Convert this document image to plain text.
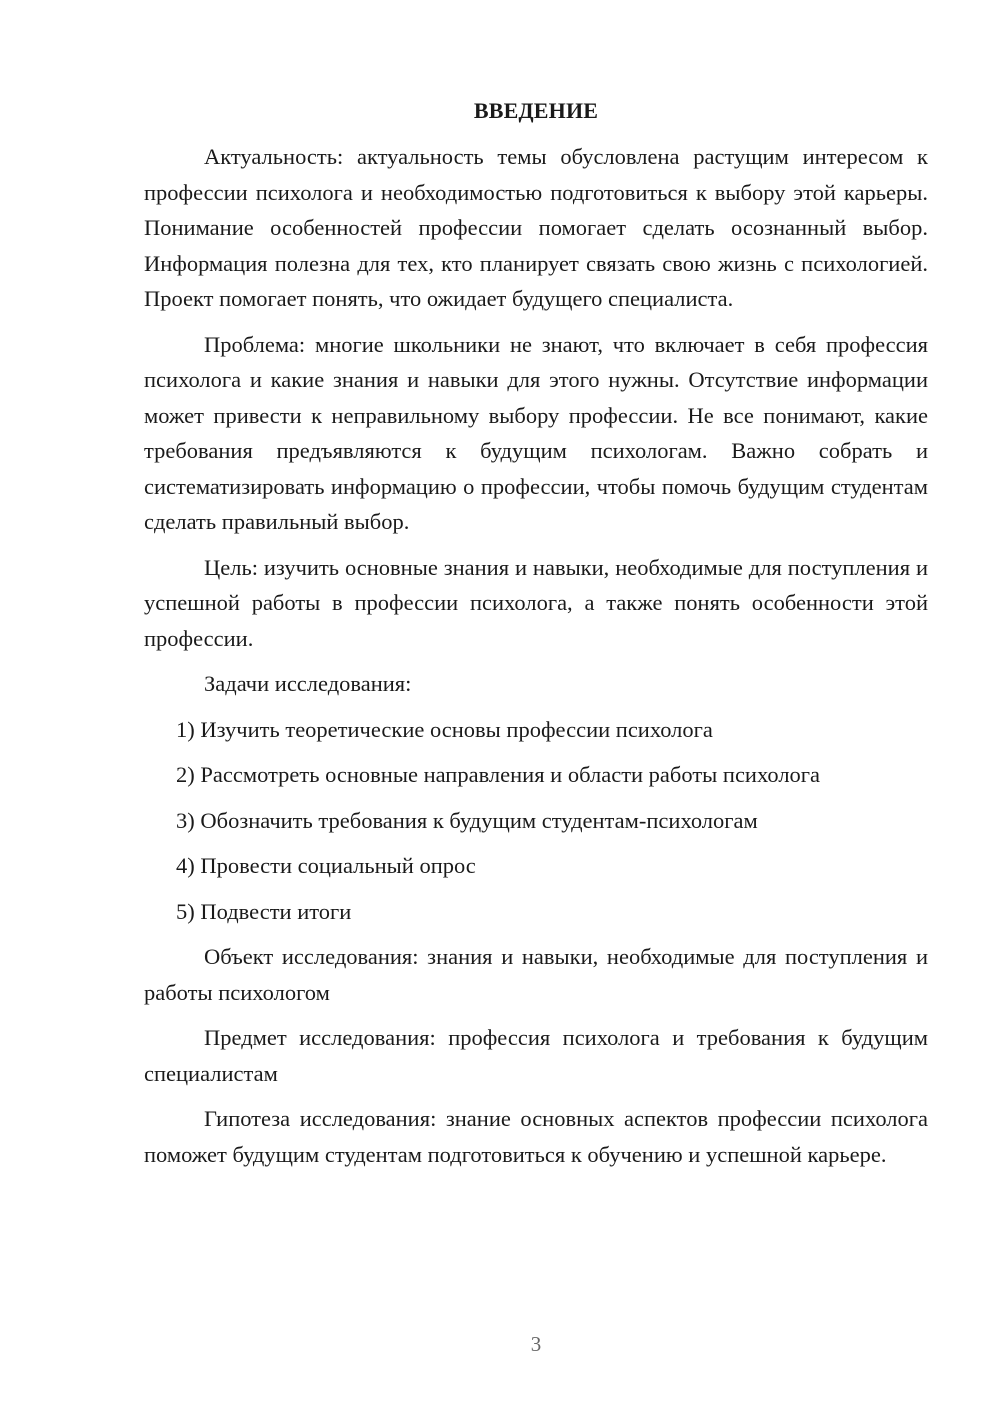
ВВЕДЕНИЕ

Актуальность: актуальность темы обусловлена растущим интересом к профессии психолога и необходимостью подготовиться к выбору этой карьеры. Понимание особенностей профессии помогает сделать осознанный выбор. Информация полезна для тех, кто планирует связать свою жизнь с психологией. Проект помогает понять, что ожидает будущего специалиста.

Проблема: многие школьники не знают, что включает в себя профессия психолога и какие знания и навыки для этого нужны. Отсутствие информации может привести к неправильному выбору профессии. Не все понимают, какие требования предъявляются к будущим психологам. Важно собрать и систематизировать информацию о профессии, чтобы помочь будущим студентам сделать правильный выбор.

Цель: изучить основные знания и навыки, необходимые для поступления и успешной работы в профессии психолога, а также понять особенности этой профессии.

Задачи исследования:

1) Изучить теоретические основы профессии психолога

2) Рассмотреть основные направления и области работы психолога

3) Обозначить требования к будущим студентам-психологам

4) Провести социальный опрос

5) Подвести итоги

Объект исследования: знания и навыки, необходимые для поступления и работы психологом

Предмет исследования: профессия психолога и требования к будущим специалистам

Гипотеза исследования: знание основных аспектов профессии психолога поможет будущим студентам подготовиться к обучению и успешной карьере.

3
